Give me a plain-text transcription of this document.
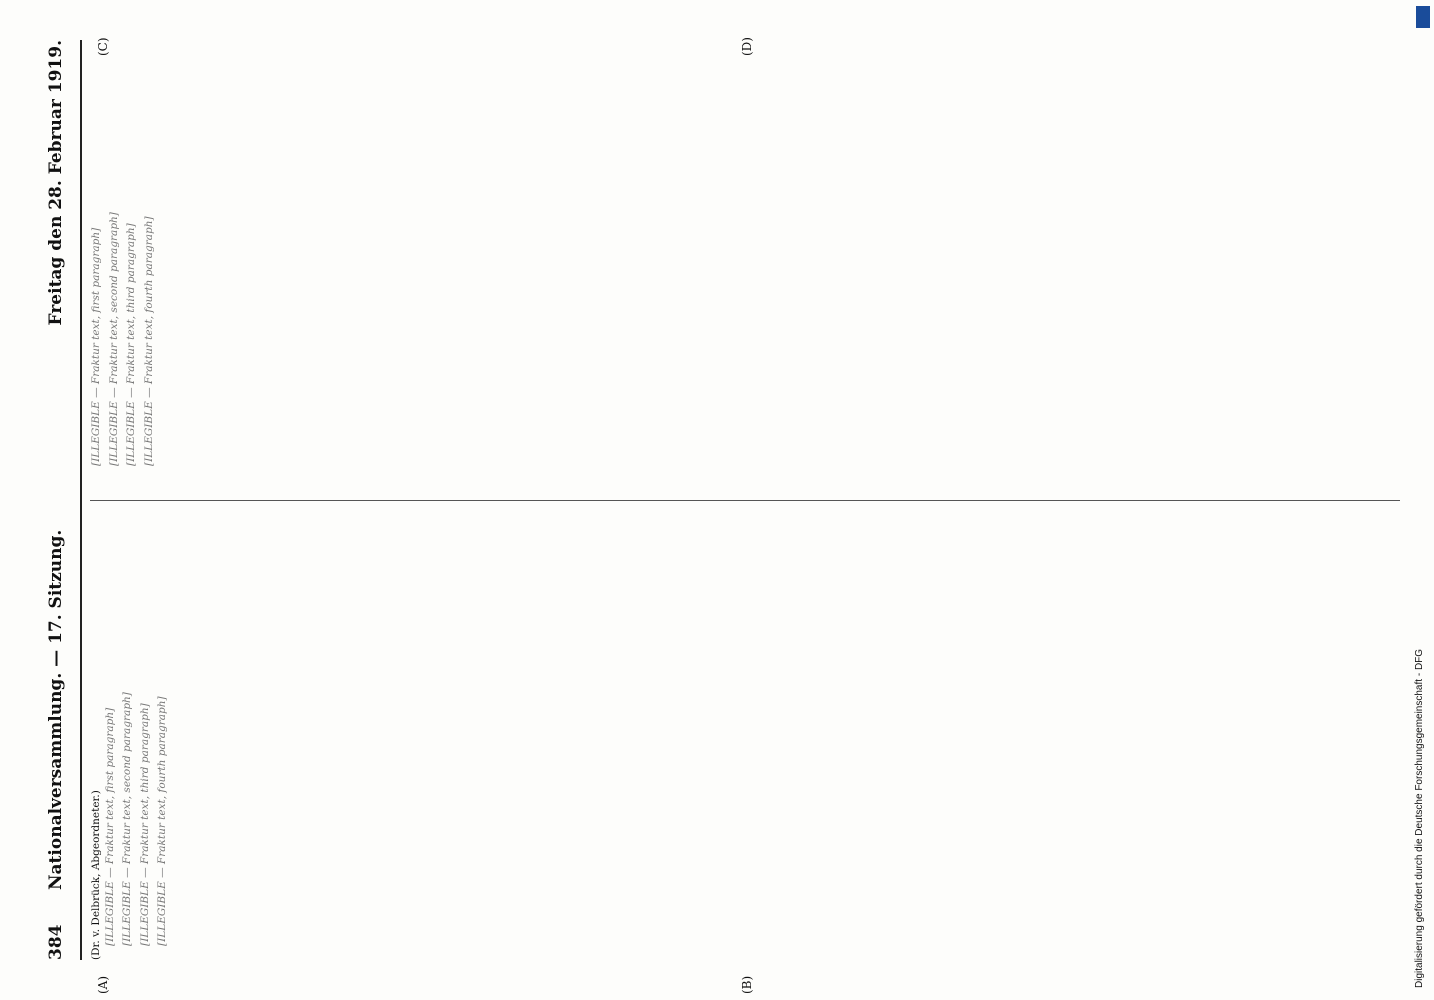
384
Nationalversammlung. — 17. Sitzung.
Freitag den 28. Februar 1919.
(Dr. v. Delbrück, Abgeordneter.) [ILLEGIBLE — Fraktur text, first paragraph] [ILLEGIBLE — Fraktur text, second paragraph] [ILLEGIBLE — Fraktur text, third paragraph] [ILLEGIBLE — Fraktur text, fourth paragraph]

[ILLEGIBLE — Fraktur text, first paragraph] [ILLEGIBLE — Fraktur text, second paragraph] [ILLEGIBLE — Fraktur text, third paragraph] [ILLEGIBLE — Fraktur text, fourth paragraph]

(A)	(B)
(C)	(D)
Digitalisierung gefördert durch die Deutsche Forschungsgemeinschaft - DFG
